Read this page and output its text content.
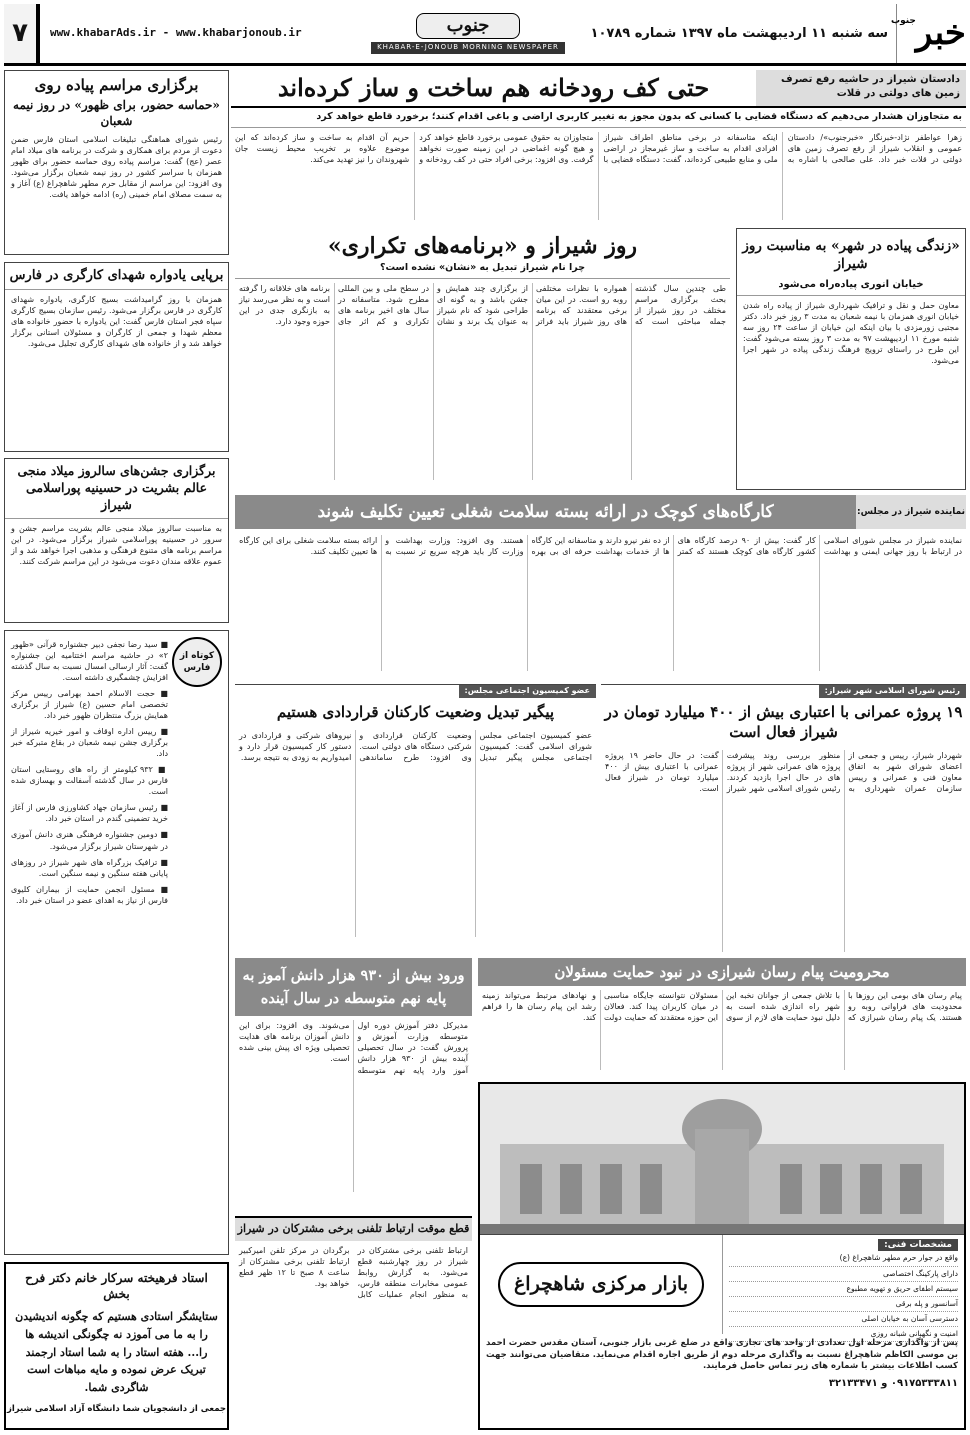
خبر
جنوب
سه شنبه ۱۱ اردیبهشت ماه ۱۳۹۷ شماره ۱۰۷۸۹
جنوب
KHABAR-E-JONOUB MORNING NEWSPAPER
www.khabarAds.ir - www.khabarjonoub.ir
۷
دادستان شیراز در حاشیه رفع تصرف زمین های دولتی در قلات
حتی کف رودخانه هم ساخت و ساز کرده‌اند
به متجاوزان هشدار می‌دهیم که دستگاه قضایی با کسانی که بدون مجوز به تغییر کاربری اراضی و باغی اقدام کنند؛ برخورد قاطع خواهد کرد
زهرا عواطفر نژاد-خبرنگار «خبرجنوب»/ دادستان عمومی و انقلاب شیراز از رفع تصرف زمین های دولتی در قلات خبر داد. علی صالحی با اشاره به اینکه متاسفانه در برخی مناطق اطراف شیراز افرادی اقدام به ساخت و ساز غیرمجاز در اراضی ملی و منابع طبیعی کرده‌اند، گفت: دستگاه قضایی با متجاوزان به حقوق عمومی برخورد قاطع خواهد کرد و هیچ گونه اغماضی در این زمینه صورت نخواهد گرفت. وی افزود: برخی افراد حتی در کف رودخانه و حریم آن اقدام به ساخت و ساز کرده‌اند که این موضوع علاوه بر تخریب محیط زیست جان شهروندان را نیز تهدید می‌کند.
برگزاری مراسم پیاده روی
«حماسه حضور، برای ظهور» در روز نیمه شعبان
رئیس شورای هماهنگی تبلیغات اسلامی استان فارس ضمن دعوت از مردم برای همکاری و شرکت در برنامه های میلاد امام عصر (عج) گفت: مراسم پیاده روی حماسه حضور برای ظهور همزمان با سراسر کشور در روز نیمه شعبان برگزار می‌شود. وی افزود: این مراسم از مقابل حرم مطهر شاهچراغ (ع) آغاز و به سمت مصلای امام خمینی (ره) ادامه خواهد یافت.
برپایی یادواره شهدای کارگری در فارس
همزمان با روز گرامیداشت بسیج کارگری، یادواره شهدای کارگری در فارس برگزار می‌شود. رئیس سازمان بسیج کارگری سپاه فجر استان فارس گفت: این یادواره با حضور خانواده های معظم شهدا و جمعی از کارگران و مسئولان استانی برگزار خواهد شد و از خانواده های شهدای کارگری تجلیل می‌شود.
برگزاری جشن‌های سالروز میلاد منجی عالم بشریت در حسینیه پوراسلامی شیراز
به مناسبت سالروز میلاد منجی عالم بشریت مراسم جشن و سرور در حسینیه پوراسلامی شیراز برگزار می‌شود. در این مراسم برنامه های متنوع فرهنگی و مذهبی اجرا خواهد شد و از عموم علاقه مندان دعوت می‌شود در این مراسم شرکت کنند.
کوتاه از فارس

■ سید رضا نجفی دبیر جشنواره قرآنی «ظهور ۲» در حاشیه مراسم اختتامیه این جشنواره گفت: آثار ارسالی امسال نسبت به سال گذشته افزایش چشمگیری داشته است.

■ حجت الاسلام احمد بهرامی رییس مرکز تخصصی امام حسین (ع) شیراز از برگزاری همایش بزرگ منتظران ظهور خبر داد.

■ رییس اداره اوقاف و امور خیریه شیراز از برگزاری جشن نیمه شعبان در بقاع متبرکه خبر داد.

■ ۹۳۲ کیلومتر از راه های روستایی استان فارس در سال گذشته آسفالت و بهسازی شده است.

■ رئیس سازمان جهاد کشاورزی فارس از آغاز خرید تضمینی گندم در استان خبر داد.

■ دومین جشنواره فرهنگی هنری دانش آموزی در شهرستان شیراز برگزار می‌شود.

■ ترافیک بزرگراه های شهر شیراز در روزهای پایانی هفته سنگین و نیمه سنگین است.

■ مسئول انجمن حمایت از بیماران کلیوی فارس از نیاز به اهدای عضو در استان خبر داد.

استاد فرهیخته سرکار خانم دکتر فرح بخش
ستایشگر استادی هستیم که چگونه اندیشیدن را به ما می آموزد نه چگونگی اندیشه ها را... هفته استاد را به شما استاد ارجمند تبریک عرض نموده و مایه مباهات است شاگردی شما.
جمعی از دانشجویان شما دانشگاه آزاد اسلامی شیراز
«زندگی پیاده در شهر» به مناسبت روز شیراز
خیابان انوری پیاده‌راه می‌شود
معاون حمل و نقل و ترافیک شهرداری شیراز از پیاده راه شدن خیابان انوری همزمان با نیمه شعبان به مدت ۳ روز خبر داد. دکتر مجتبی زورمزدی با بیان اینکه این خیابان از ساعت ۲۴ روز سه شنبه مورخ ۱۱ اردیبهشت ۹۷ به مدت ۳ روز بسته می‌شود گفت: این طرح در راستای ترویج فرهنگ زندگی پیاده در شهر اجرا می‌شود.
روز شیراز و «برنامه‌های تکراری»
چرا نام شیراز تبدیل به «نشان» نشده است؟
طی چندین سال گذشته بحث برگزاری مراسم مختلف در روز شیراز از جمله مباحثی است که همواره با نظرات مختلفی روبه رو است. در این میان برخی معتقدند که برنامه های روز شیراز باید فراتر از برگزاری چند همایش و جشن باشد و به گونه ای طراحی شود که نام شیراز به عنوان یک برند و نشان در سطح ملی و بین المللی مطرح شود. متاسفانه در سال های اخیر برنامه های تکراری و کم اثر جای برنامه های خلاقانه را گرفته است و به نظر می‌رسد نیاز به بازنگری جدی در این حوزه وجود دارد.
نماینده شیراز در مجلس:
کارگاه‌های کوچک در ارائه بسته سلامت شغلی تعیین تکلیف شوند
نماینده شیراز در مجلس شورای اسلامی در ارتباط با روز جهانی ایمنی و بهداشت کار گفت: بیش از ۹۰ درصد کارگاه های کشور کارگاه های کوچک هستند که کمتر از ده نفر نیرو دارند و متاسفانه این کارگاه ها از خدمات بهداشت حرفه ای بی بهره هستند. وی افزود: وزارت بهداشت و وزارت کار باید هرچه سریع تر نسبت به ارائه بسته سلامت شغلی برای این کارگاه ها تعیین تکلیف کنند.
رئیس شورای اسلامی شهر شیراز:
۱۹ پروژه عمرانی با اعتباری بیش از ۴۰۰ میلیارد تومان در شیراز فعال است
شهردار شیراز، رییس و جمعی از اعضای شورای شهر به اتفاق معاون فنی و عمرانی و رییس سازمان عمران شهرداری به منظور بررسی روند پیشرفت پروژه های عمرانی شهر از پروژه های در حال اجرا بازدید کردند. رئیس شورای اسلامی شهر شیراز گفت: در حال حاضر ۱۹ پروژه عمرانی با اعتباری بیش از ۴۰۰ میلیارد تومان در شیراز فعال است.
عضو کمیسیون اجتماعی مجلس:
پیگیر تبدیل وضعیت کارکنان قراردادی هستیم
عضو کمیسیون اجتماعی مجلس شورای اسلامی گفت: کمیسیون اجتماعی مجلس پیگیر تبدیل وضعیت کارکنان قراردادی و شرکتی دستگاه های دولتی است. وی افزود: طرح ساماندهی نیروهای شرکتی و قراردادی در دستور کار کمیسیون قرار دارد و امیدواریم به زودی به نتیجه برسد.
محرومیت پیام رسان شیرازی در نبود حمایت مسئولان
پیام رسان های بومی این روزها با محدودیت های فراوانی روبه رو هستند. یک پیام رسان شیرازی که با تلاش جمعی از جوانان نخبه این شهر راه اندازی شده است به دلیل نبود حمایت های لازم از سوی مسئولان نتوانسته جایگاه مناسبی در میان کاربران پیدا کند. فعالان این حوزه معتقدند که حمایت دولت و نهادهای مرتبط می‌تواند زمینه رشد این پیام رسان ها را فراهم کند.
ورود بیش از ۹۳۰ هزار دانش آموز به پایه نهم متوسطه در سال آینده
مدیرکل دفتر آموزش دوره اول متوسطه وزارت آموزش و پرورش گفت: در سال تحصیلی آینده بیش از ۹۳۰ هزار دانش آموز وارد پایه نهم متوسطه می‌شوند. وی افزود: برای این دانش آموزان برنامه های هدایت تحصیلی ویژه ای پیش بینی شده است.
قطع موقت ارتباط تلفنی برخی مشترکان در شیراز
ارتباط تلفنی برخی مشترکان در شیراز در روز چهارشنبه قطع می‌شود. به گزارش روابط عمومی مخابرات منطقه فارس، به منظور انجام عملیات کابل برگردان در مرکز تلفن امیرکبیر ارتباط تلفنی برخی مشترکان از ساعت ۸ صبح تا ۱۲ ظهر قطع خواهد بود.
مشخصات فنی:
واقع در جوار حرم مطهر شاهچراغ (ع)
دارای پارکینگ اختصاصی
سیستم اطفای حریق و تهویه مطبوع
آسانسور و پله برقی
دسترسی آسان به خیابان اصلی
امنیت و نگهبانی شبانه روزی
بازار مرکزی شاهچراغ
پس از واگذاری مرحله اول تعدادی از واحد های تجاری واقع در ضلع غربی بازار جنوبی، آستان مقدس حضرت احمد بن موسی الکاظم شاهچراغ نسبت به واگذاری مرحله دوم از طریق اجاره اقدام می‌نماید. متقاضیان می‌توانند جهت کسب اطلاعات بیشتر با شماره های زیر تماس حاصل فرمایند.
۰۹۱۷۵۳۳۳۸۱۱ و ۳۲۱۳۳۴۷۱
